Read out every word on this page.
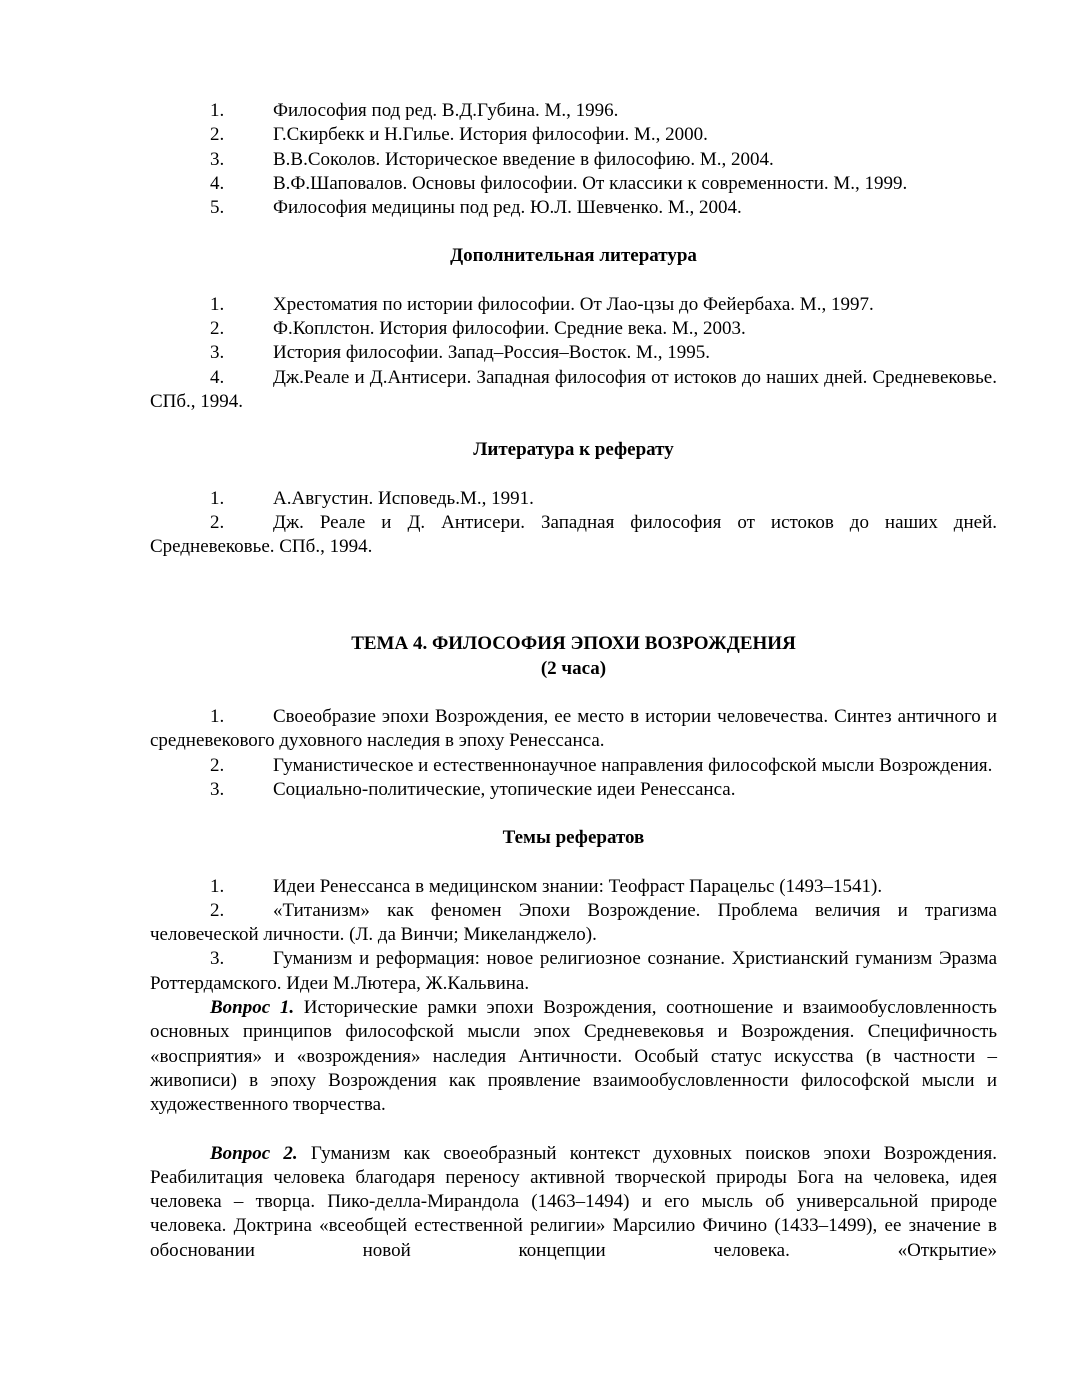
1.	Философия под ред. В.Д.Губина. М., 1996.
2.	Г.Скирбекк и Н.Гилье. История философии. М., 2000.
3.	В.В.Соколов. Историческое введение в философию. М., 2004.
4.	В.Ф.Шаповалов. Основы философии. От классики к современности. М., 1999.
5.	Философия медицины под ред. Ю.Л. Шевченко. М., 2004.
Дополнительная литература
1.	Хрестоматия по истории философии. От Лао-цзы до Фейербаха. М., 1997.
2.	Ф.Коплстон. История философии. Средние века. М., 2003.
3.	История философии. Запад–Россия–Восток. М., 1995.
4.	Дж.Реале и Д.Антисери. Западная философия от истоков до наших дней. Средневековье. СПб., 1994.
Литература к реферату
1.	А.Августин. Исповедь.М., 1991.
2.	Дж. Реале и Д. Антисери. Западная философия от истоков до наших дней. Средневековье. СПб., 1994.
ТЕМА 4. ФИЛОСОФИЯ ЭПОХИ ВОЗРОЖДЕНИЯ
(2 часа)
1.	Своеобразие эпохи Возрождения, ее место в истории человечества. Синтез античного и средневекового духовного наследия в эпоху Ренессанса.
2.	Гуманистическое и естественнонаучное направления философской мысли Возрождения.
3.	Социально-политические, утопические идеи Ренессанса.
Темы рефератов
1.	Идеи Ренессанса в медицинском знании: Теофраст Парацельс (1493–1541).
2.	«Титанизм» как феномен Эпохи Возрождение. Проблема величия и трагизма человеческой личности. (Л. да Винчи; Микеланджело).
3.	Гуманизм и реформация: новое религиозное сознание. Христианский гуманизм Эразма Роттердамского. Идеи М.Лютера, Ж.Кальвина.
Вопрос 1. Исторические рамки эпохи Возрождения, соотношение и взаимообусловленность основных принципов философской мысли эпох Средневековья и Возрождения. Специфичность «восприятия» и «возрождения» наследия Античности. Особый статус искусства (в частности – живописи) в эпоху Возрождения как проявление взаимообусловленности философской мысли и художественного творчества.
Вопрос 2. Гуманизм как своеобразный контекст духовных поисков эпохи Возрождения. Реабилитация человека благодаря переносу активной творческой природы Бога на человека, идея человека – творца. Пико-делла-Мирандола (1463–1494) и его мысль об универсальной природе человека. Доктрина «всеобщей естественной религии» Марсилио Фичино (1433–1499), ее значение в обосновании новой концепции человека. «Открытие»
